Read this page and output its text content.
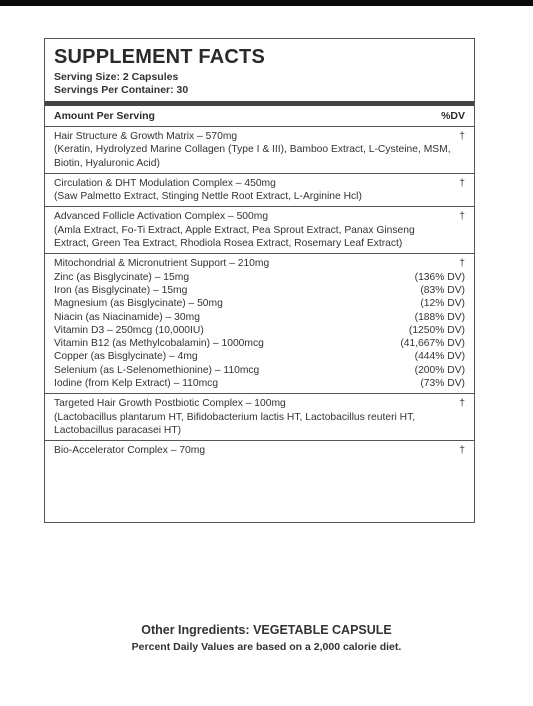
SUPPLEMENT FACTS
Serving Size: 2 Capsules
Servings Per Container: 30
Amount Per Serving	%DV
Hair Structure & Growth Matrix – 570mg	†
(Keratin, Hydrolyzed Marine Collagen (Type I & III), Bamboo Extract, L-Cysteine, MSM, Biotin, Hyaluronic Acid)
Circulation & DHT Modulation Complex – 450mg	†
(Saw Palmetto Extract, Stinging Nettle Root Extract, L-Arginine Hcl)
Advanced Follicle Activation Complex – 500mg	†
(Amla Extract, Fo-Ti Extract, Apple Extract, Pea Sprout Extract, Panax Ginseng Extract, Green Tea Extract, Rhodiola Rosea Extract, Rosemary Leaf Extract)
Mitochondrial & Micronutrient Support – 210mg	†
Zinc (as Bisglycinate) – 15mg	(136% DV)
Iron (as Bisglycinate) – 15mg	(83% DV)
Magnesium (as Bisglycinate) – 50mg	(12% DV)
Niacin (as Niacinamide) – 30mg	(188% DV)
Vitamin D3 – 250mcg (10,000IU)	(1250% DV)
Vitamin B12 (as Methylcobalamin) – 1000mcg	(41,667% DV)
Copper (as Bisglycinate) – 4mg	(444% DV)
Selenium (as L-Selenomethionine) – 110mcg	(200% DV)
Iodine (from Kelp Extract) – 110mcg	(73% DV)
Targeted Hair Growth Postbiotic Complex – 100mg	†
(Lactobacillus plantarum HT, Bifidobacterium lactis HT, Lactobacillus reuteri HT, Lactobacillus paracasei HT)
Bio-Accelerator Complex – 70mg	†
Other Ingredients: VEGETABLE CAPSULE
Percent Daily Values are based on a 2,000 calorie diet.
